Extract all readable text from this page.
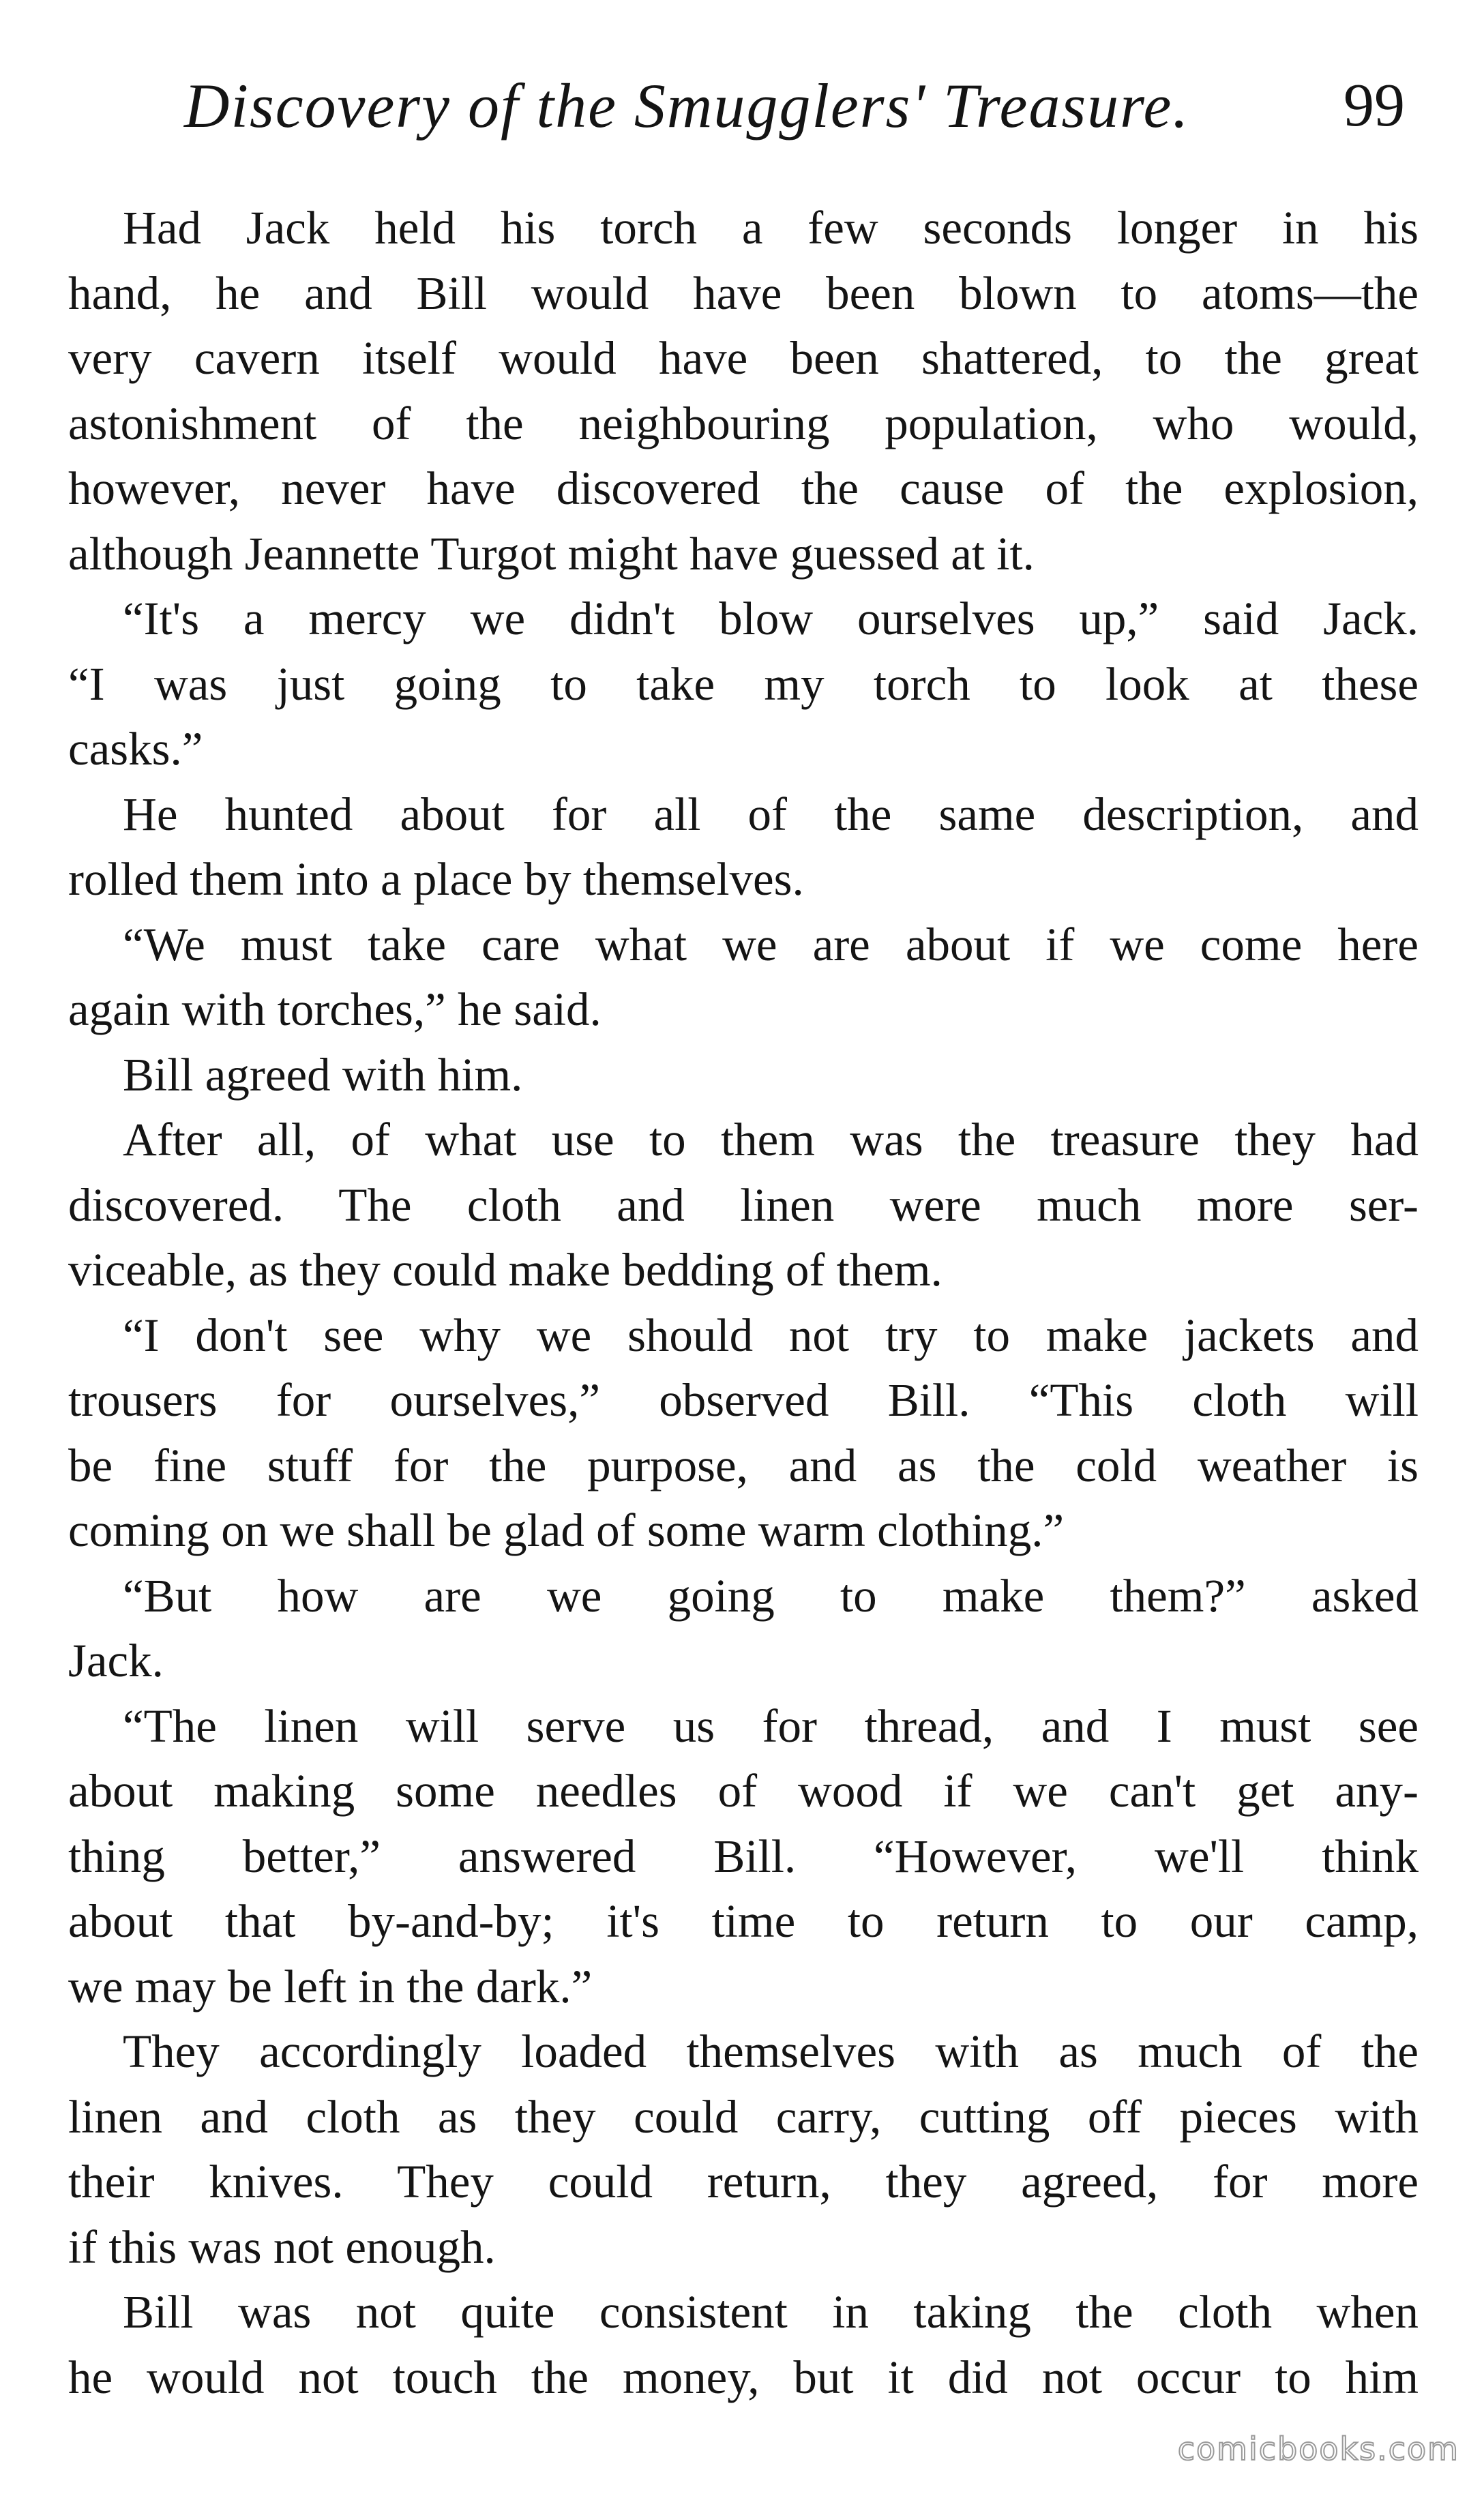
Discovery of the Smugglers' Treasure.	99
Had Jack held his torch a few seconds longer in his
hand, he and Bill would have been blown to atoms—the
very cavern itself would have been shattered, to the great
astonishment of the neighbouring population, who would,
however, never have discovered the cause of the explosion,
although Jeannette Turgot might have guessed at it.
“It's a mercy we didn't blow ourselves up,” said Jack.
“I was just going to take my torch to look at these
casks.”
He hunted about for all of the same description, and
rolled them into a place by themselves.
“We must take care what we are about if we come here
again with torches,” he said.
Bill agreed with him.
After all, of what use to them was the treasure they had
discovered. The cloth and linen were much more ser-
viceable, as they could make bedding of them.
“I don't see why we should not try to make jackets and
trousers for ourselves,” observed Bill. “This cloth will
be fine stuff for the purpose, and as the cold weather is
coming on we shall be glad of some warm clothing.”
“But how are we going to make them?” asked
Jack.
“The linen will serve us for thread, and I must see
about making some needles of wood if we can't get any-
thing better,” answered Bill. “However, we'll think
about that by-and-by; it's time to return to our camp,
we may be left in the dark.”
They accordingly loaded themselves with as much of the
linen and cloth as they could carry, cutting off pieces with
their knives. They could return, they agreed, for more
if this was not enough.
Bill was not quite consistent in taking the cloth when
he would not touch the money, but it did not occur to him
comicbooks.com
